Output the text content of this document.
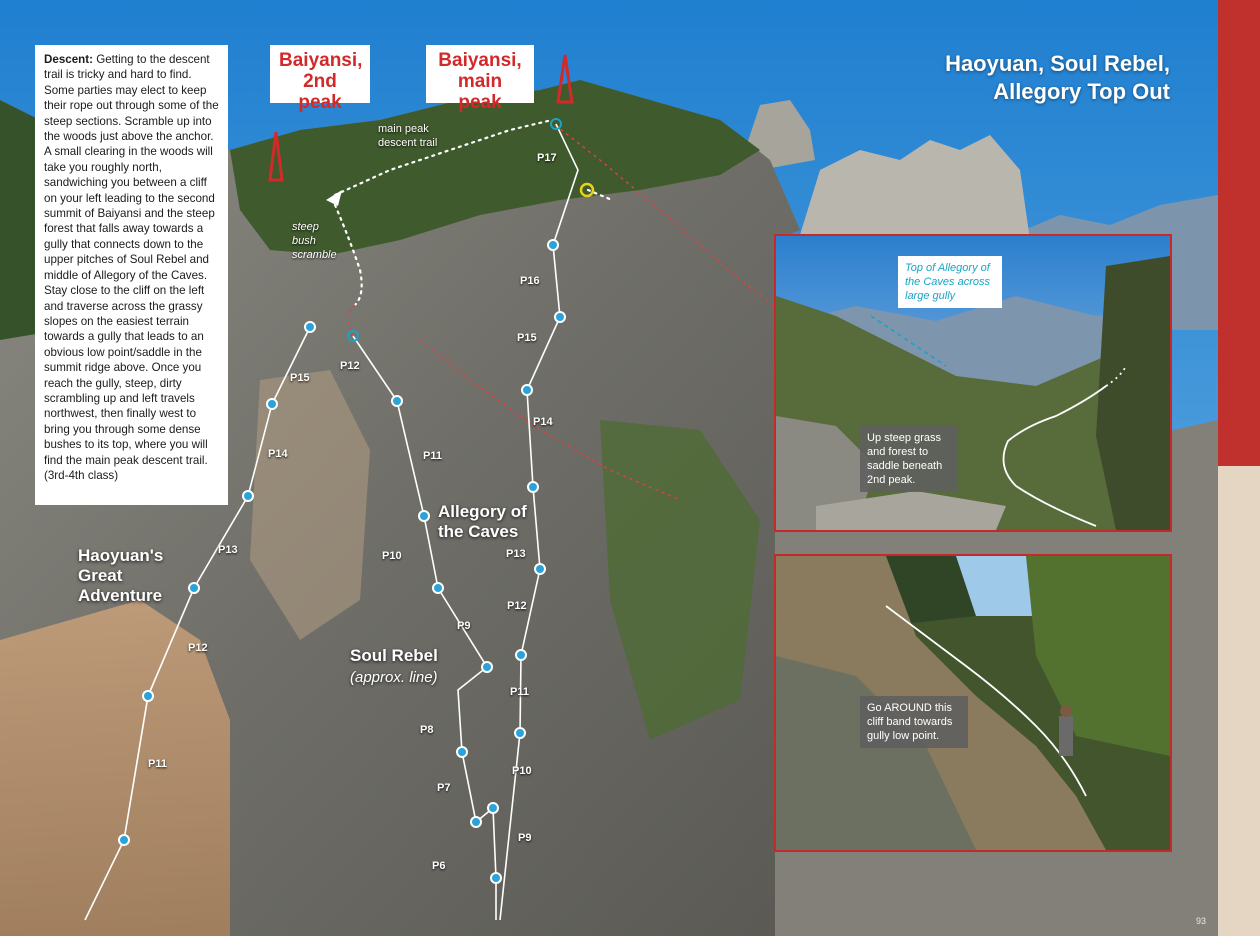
Descent: Getting to the descent trail is tricky and hard to find. Some parties may elect to keep their rope out through some of the steep sections. Scramble up into the woods just above the anchor. A small clearing in the woods will take you roughly north, sandwiching you between a cliff on your left leading to the second summit of Baiyansi and the steep forest that falls away towards a gully that connects down to the upper pitches of Soul Rebel and middle of Allegory of the Caves. Stay close to the cliff on the left and traverse across the grassy slopes on the easiest terrain towards a gully that leads to an obvious low point/saddle in the summit ridge above. Once you reach the gully, steep, dirty scrambling up and left travels northwest, then finally west to bring you through some dense bushes to its top, where you will find the main peak descent trail. (3rd-4th class)
Baiyansi,
2nd peak
Baiyansi,
main peak
Haoyuan, Soul Rebel,
Allegory Top Out
main peak
descent trail
steep
bush
scramble
Haoyuan's
Great
Adventure
Allegory of
the Caves
Soul Rebel
(approx. line)
P11
P12
P13
P14
P15
P12
P11
P10
P9
P8
P7
P6
P9
P10
P11
P12
P13
P14
P15
P16
P17
Top of Allegory of the Caves across large gully
Up steep grass and forest to saddle beneath 2nd peak.
Go AROUND this cliff band towards gully low point.
93
